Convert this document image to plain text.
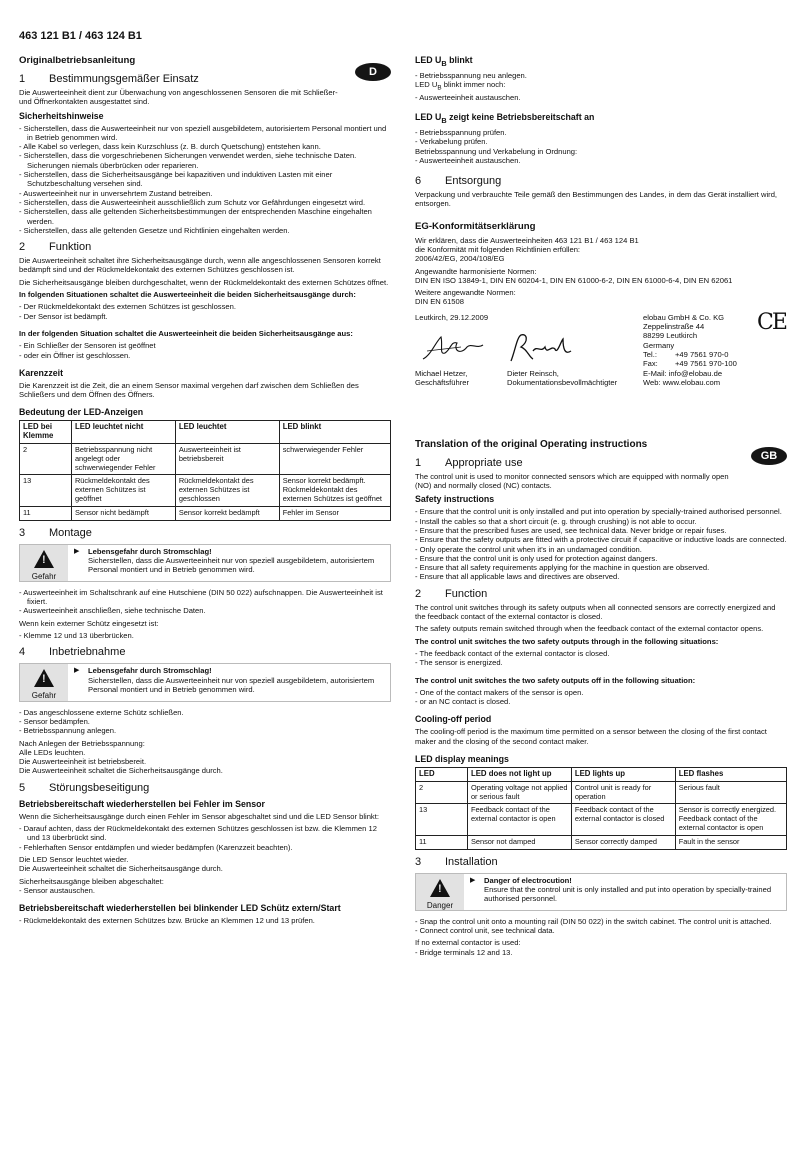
463 121 B1 / 463 124 B1
Originalbetriebsanleitung
1	Bestimmungsgemäßer Einsatz

Die Auswerteeinheit dient zur Überwachung von angeschlossenen Sensoren die mit Schließer- und Öffnerkontakten ausgestattet sind.

D
Sicherheitshinweise
- Sicherstellen, dass die Auswerteeinheit nur von speziell ausgebildetem, autorisiertem Personal montiert und in Betrieb genommen wird.
- Alle Kabel so verlegen, dass kein Kurzschluss (z. B. durch Quetschung) entstehen kann.
- Sicherstellen, dass die vorgeschriebenen Sicherungen verwendet werden, siehe technische Daten. Sicherungen niemals überbrücken oder reparieren.
- Sicherstellen, dass die Sicherheitsausgänge bei kapazitiven und induktiven Lasten mit einer Schutzbeschaltung versehen sind.
- Auswerteeinheit nur in unversehrtem Zustand betreiben.
- Sicherstellen, dass die Auswerteeinheit ausschließlich zum Schutz vor Gefährdungen eingesetzt wird.
- Sicherstellen, dass alle geltenden Sicherheitsbestimmungen der entsprechenden Maschine eingehalten werden.
- Sicherstellen, dass alle geltenden Gesetze und Richtlinien eingehalten werden.
2	Funktion

Die Auswerteeinheit schaltet ihre Sicherheitsausgänge durch, wenn alle angeschlossenen Sensoren korrekt bedämpft sind und der Rückmeldekontakt des externen Schützes geschlossen ist.

Die Sicherheitsausgänge bleiben durchgeschaltet, wenn der Rückmeldekontakt des externen Schützes öffnet.

In folgenden Situationen schaltet die Auswerteeinheit die beiden Sicherheitsausgänge durch:

- Der Rückmeldekontakt des externen Schützes ist geschlossen.
- Der Sensor ist bedämpft.

In der folgenden Situation schaltet die Auswerteeinheit die beiden Sicherheitsausgänge aus:

- Ein Schließer der Sensoren ist geöffnet
- oder ein Öffner ist geschlossen.
Karenzzeit

Die Karenzzeit ist die Zeit, die an einem Sensor maximal vergehen darf zwischen dem Schließen des Schließers und dem Öffnen des Öffners.

Bedeutung der LED-Anzeigen
LED bei Klemme	LED leuchtet nicht	LED leuchtet	LED blinkt
2	Betriebsspannung nicht angelegt oder schwerwiegender Fehler	Auswerteeinheit ist betriebsbereit	schwerwiegender Fehler
13	Rückmeldekontakt des externen Schützes ist geöffnet	Rückmeldekontakt des externen Schützes ist geschlossen	Sensor korrekt bedämpft. Rückmeldekontakt des externen Schützes ist geöffnet
11	Sensor nicht bedämpft	Sensor korrekt bedämpft	Fehler im Sensor
3	Montage
!
Gefahr
▶ Lebensgefahr durch Stromschlag!
Sicherstellen, dass die Auswerteeinheit nur von speziell ausgebildetem, autorisiertem Personal montiert und in Betrieb genommen wird.
- Auswerteeinheit im Schaltschrank auf eine Hutschiene (DIN 50 022) aufschnappen. Die Auswerteeinheit ist fixiert.
- Auswerteeinheit anschließen, siehe technische Daten.

Wenn kein externer Schütz eingesetzt ist:

- Klemme 12 und 13 überbrücken.
4	Inbetriebnahme
!
Gefahr
▶ Lebensgefahr durch Stromschlag!
Sicherstellen, dass die Auswerteeinheit nur von speziell ausgebildetem, autorisiertem Personal montiert und in Betrieb genommen wird.
- Das angeschlossene externe Schütz schließen.
- Sensor bedämpfen.
- Betriebsspannung anlegen.

Nach Anlegen der Betriebsspannung:

Alle LEDs leuchten.

Die Auswerteeinheit ist betriebsbereit.

Die Auswerteeinheit schaltet die Sicherheitsausgänge durch.

5	Störungsbeseitigung
Betriebsbereitschaft wiederherstellen bei Fehler im Sensor

Wenn die Sicherheitsausgänge durch einen Fehler im Sensor abgeschaltet sind und die LED Sensor blinkt:

- Darauf achten, dass der Rückmeldekontakt des externen Schützes geschlossen ist bzw. die Klemmen 12 und 13 überbrückt sind.
- Fehlerhaften Sensor entdämpfen und wieder bedämpfen (Karenzzeit beachten).

Die LED Sensor leuchtet wieder.

Die Auswerteeinheit schaltet die Sicherheitsausgänge durch.

Sicherheitsausgänge bleiben abgeschaltet:

- Sensor austauschen.
Betriebsbereitschaft wiederherstellen bei blinkender LED Schütz extern/Start
- Rückmeldekontakt des externen Schützes bzw. Brücke an Klemmen 12 und 13 prüfen.
LED $U_B$ blinkt
- Betriebsspannung neu anlegen.

LED $U_B$ blinkt immer noch:

- Auswerteeinheit austauschen.
LED $U_B$ zeigt keine Betriebsbereitschaft an
- Betriebsspannung prüfen.
- Verkabelung prüfen.

Betriebsspannung und Verkabelung in Ordnung:

- Auswerteeinheit austauschen.
6	Entsorgung

Verpackung und verbrauchte Teile gemäß den Bestimmungen des Landes, in dem das Gerät installiert wird, entsorgen.

EG-Konformitätserklärung

Wir erklären, dass die Auswerteeinheiten 463 121 B1 / 463 124 B1

die Konformität mit folgenden Richtlinien erfüllen:

2006/42/EG, 2004/108/EG

Angewandte harmonisierte Normen:

DIN EN ISO 13849-1, DIN EN 60204-1, DIN EN 61000-6-2, DIN EN 61000-6-4, DIN EN 62061

Weitere angewandte Normen:

DIN EN 61508

Leutkirch, 29.12.2009
Michael Hetzer,
Geschäftsführer
Dieter Reinsch,
Dokumentationsbevollmächtigter
elobau GmbH & Co. KG
Zeppelinstraße 44
88299 Leutkirch
Germany
Tel.:	+49 7561 970-0
Fax:	+49 7561 970-100
E-Mail: info@elobau.de
Web: www.elobau.com
CE
Translation of the original Operating instructions
1	Appropriate use

The control unit is used to monitor connected sensors which are equipped with normally open (NO) and normally closed (NC) contacts.

GB
Safety instructions
- Ensure that the control unit is only installed and put into operation by specially-trained authorised personnel.
- Install the cables so that a short circuit (e. g. through crushing) is not able to occur.
- Ensure that the prescribed fuses are used, see technical data. Never bridge or repair fuses.
- Ensure that the safety outputs are fitted with a protective circuit if capacitive or inductive loads are connected.
- Only operate the control unit when it's in an undamaged condition.
- Ensure that the control unit is only used for protection against dangers.
- Ensure that all safety requirements applying for the machine in question are observed.
- Ensure that all applicable laws and directives are observed.
2	Function

The control unit switches through its safety outputs when all connected sensors are correctly energized and the feedback contact of the external contactor is closed.

The safety outputs remain switched through when the feedback contact of the external contactor opens.

The control unit switches the two safety outputs through in the following situations:

- The feedback contact of the external contactor is closed.
- The sensor is energized.

The control unit switches the two safety outputs off in the following situation:

- One of the contact makers of the sensor is open.
- or an NC contact is closed.
Cooling-off period

The cooling-off period is the maximum time permitted on a sensor between the closing of the first contact maker and the closing of the second contact maker.

LED display meanings
LED	LED does not light up	LED lights up	LED flashes
2	Operating voltage not applied or serious fault	Control unit is ready for operation	Serious fault
13	Feedback contact of the external contactor is open	Feedback contact of the external contactor is closed	Sensor is correctly energized. Feedback contact of the external contactor is open
11	Sensor not damped	Sensor correctly damped	Fault in the sensor
3	Installation
!
Danger
▶ Danger of electrocution!
Ensure that the control unit is only installed and put into operation by specially-trained authorised personnel.
- Snap the control unit onto a mounting rail (DIN 50 022) in the switch cabinet. The control unit is attached.
- Connect control unit, see technical data.

If no external contactor is used:

- Bridge terminals 12 and 13.
